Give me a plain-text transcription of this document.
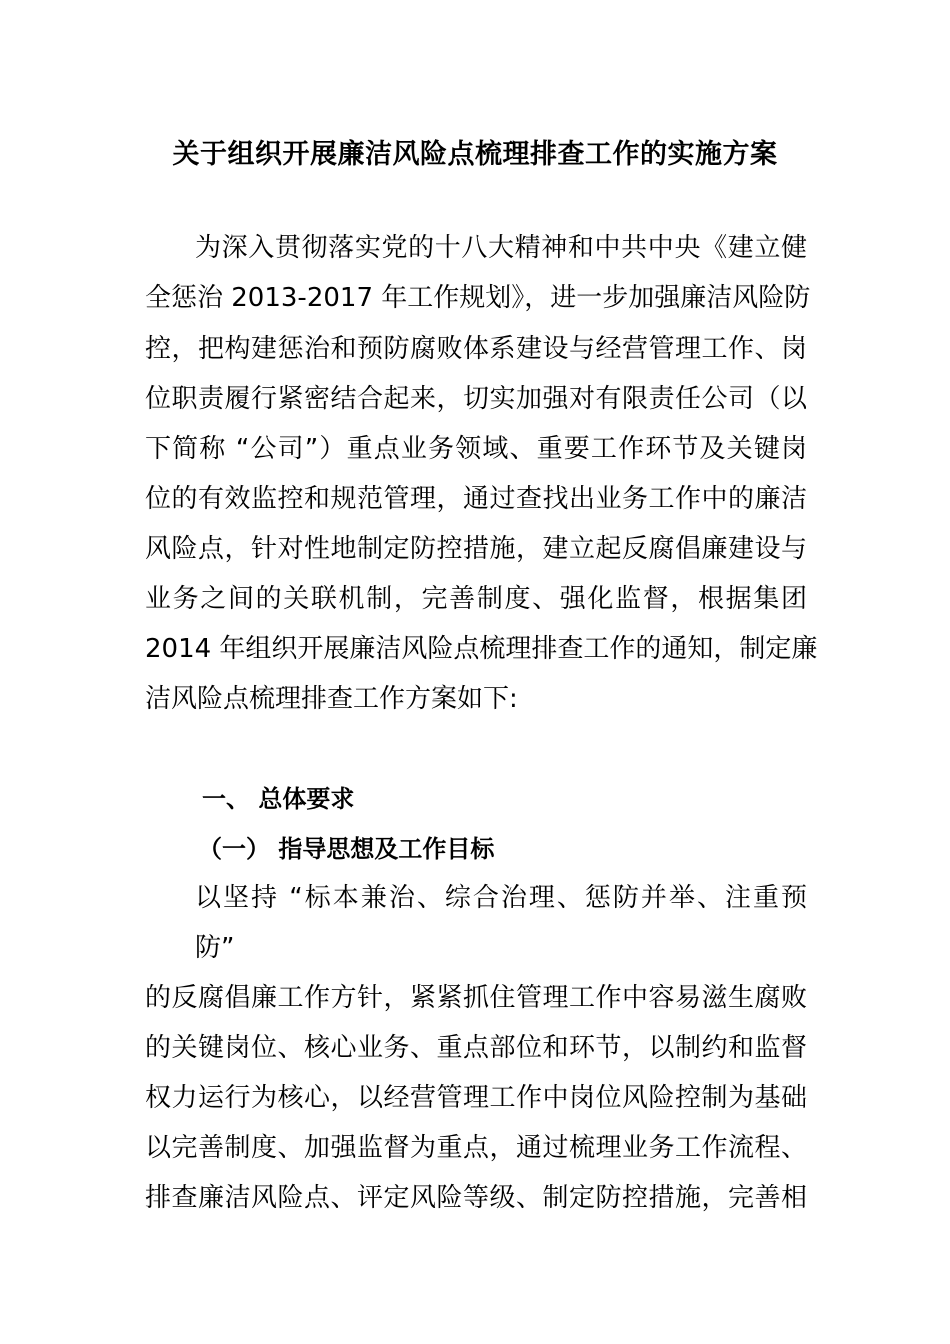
关于组织开展廉洁风险点梳理排查工作的实施方案
为深入贯彻落实党的十八大精神和中共中央《建立健
全惩治 2013-2017 年工作规划》，进一步加强廉洁风险防
控，把构建惩治和预防腐败体系建设与经营管理工作、岗
位职责履行紧密结合起来，切实加强对有限责任公司（以
下简称 “公司”）重点业务领域、重要工作环节及关键岗
位的有效监控和规范管理，通过查找出业务工作中的廉洁
风险点，针对性地制定防控措施，建立起反腐倡廉建设与
业务之间的关联机制，完善制度、强化监督，根据集团
2014 年组织开展廉洁风险点梳理排查工作的通知，制定廉
洁风险点梳理排查工作方案如下:
一、 总体要求
（一） 指导思想及工作目标
以坚持 “标本兼治、综合治理、惩防并举、注重预
防”
的反腐倡廉工作方针，紧紧抓住管理工作中容易滋生腐败
的关键岗位、核心业务、重点部位和环节，以制约和监督
权力运行为核心，以经营管理工作中岗位风险控制为基础
以完善制度、加强监督为重点，通过梳理业务工作流程、
排查廉洁风险点、评定风险等级、制定防控措施，完善相
